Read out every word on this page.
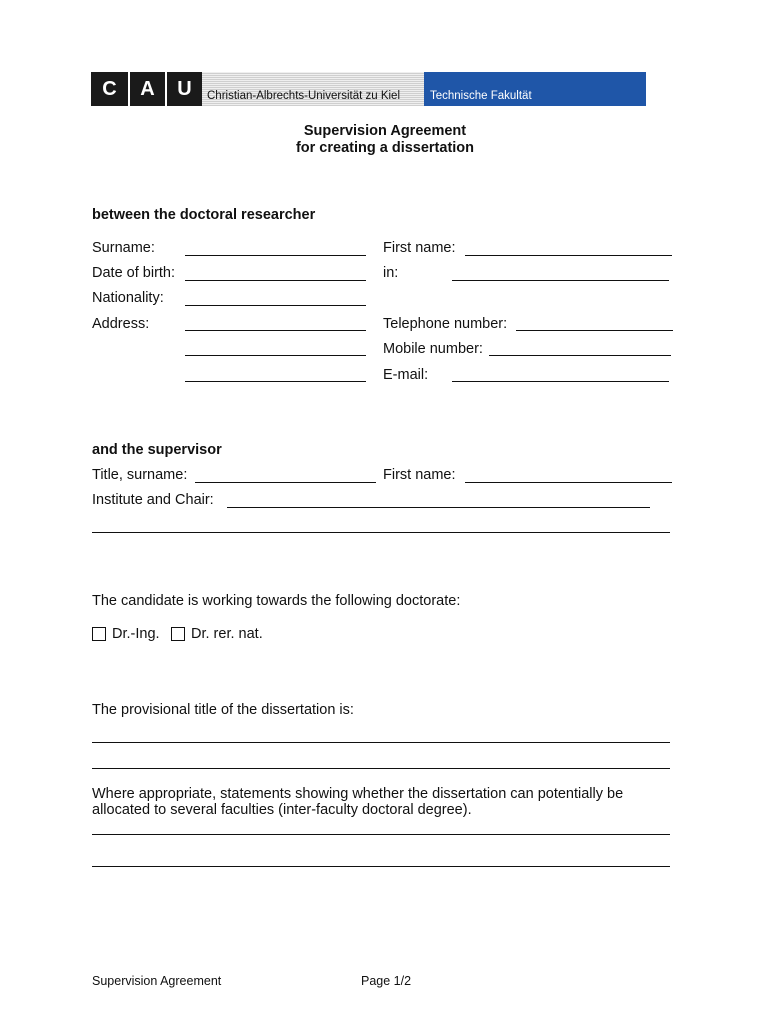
C	A	U	Christian-Albrechts-Universität zu Kiel	Technische Fakultät
Supervision Agreement
for creating a dissertation
between the doctoral researcher
Surname:	First name:
Date of birth:	in:
Nationality:
Address:	Telephone number:
Mobile number:
E-mail:
and the supervisor
Title, surname:	First name:
Institute and Chair:
The candidate is working towards the following doctorate:
Dr.-Ing. Dr. rer. nat.
The provisional title of the dissertation is:
Where appropriate, statements showing whether the dissertation can potentially be
allocated to several faculties (inter-faculty doctoral degree).
Supervision Agreement	Page 1/2
